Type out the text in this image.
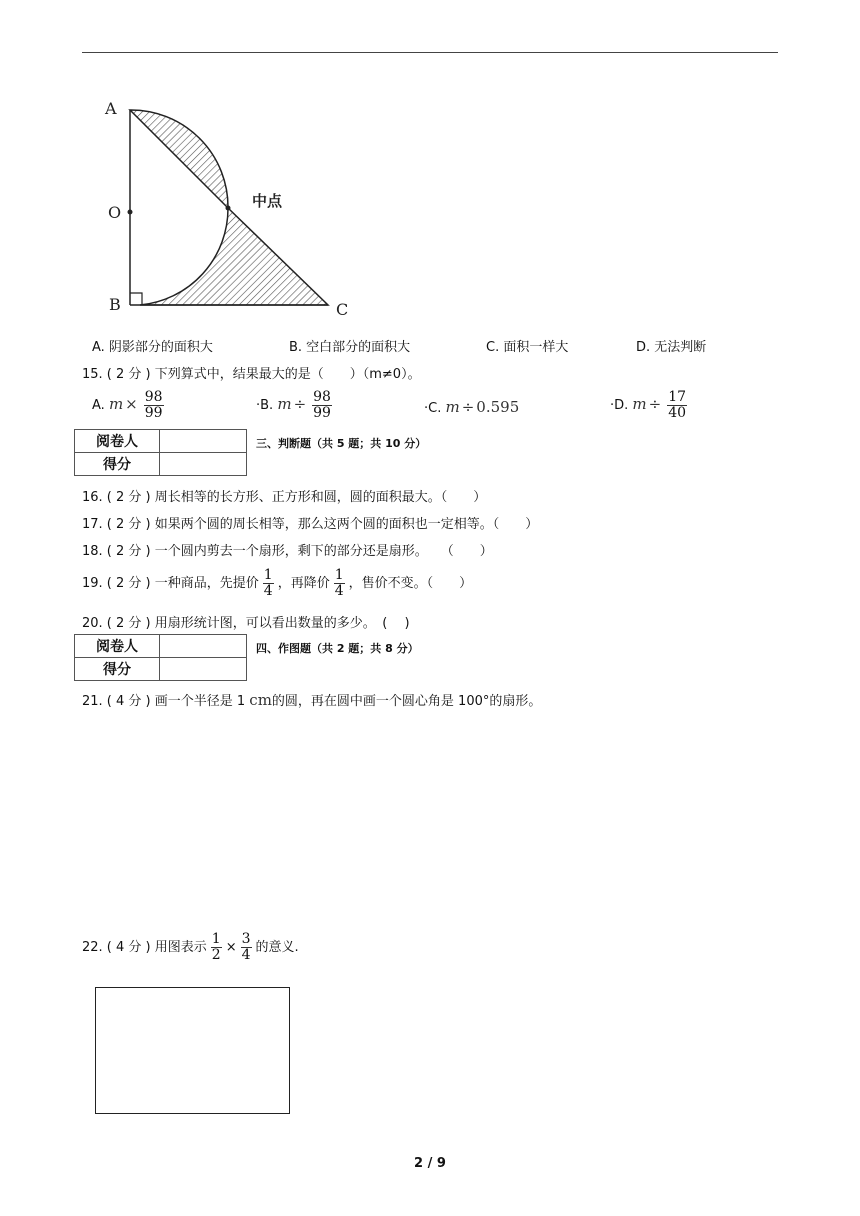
A
O
B	C
中点
A. 阴影部分的面积大	B. 空白部分的面积大	C. 面积一样大	D. 无法判断
15. ( 2 分 ) 下列算式中，结果最大的是（　　）（m≠0）。
A. $m \times \frac{98}{99}$	·B. $m \div \frac{98}{99}$	·C. m ÷ 0.595	·D. $m \div \frac{17}{40}$
阅卷人	
得分	
三、判断题（共 5 题；共 10 分）
16. ( 2 分 ) 周长相等的长方形、正方形和圆，圆的面积最大。（　　）
17. ( 2 分 ) 如果两个圆的周长相等，那么这两个圆的面积也一定相等。（　　）
18. ( 2 分 ) 一个圆内剪去一个扇形，剩下的部分还是扇形。　　（　　）
19. ( 2 分 ) 一种商品，先提价 $\frac{1}{4}$ ，再降价 $\frac{1}{4}$ ，售价不变。（　　）
20. ( 2 分 ) 用扇形统计图，可以看出数量的多少。　( 　)
阅卷人	
得分	
四、作图题（共 2 题；共 8 分）
21. ( 4 分 ) 画一个半径是 1 cm的圆，再在圆中画一个圆心角是 100°的扇形。
22. ( 4 分 ) 用图表示 $\frac{1}{2} \times \frac{3}{4}$ 的意义.
2 / 9
